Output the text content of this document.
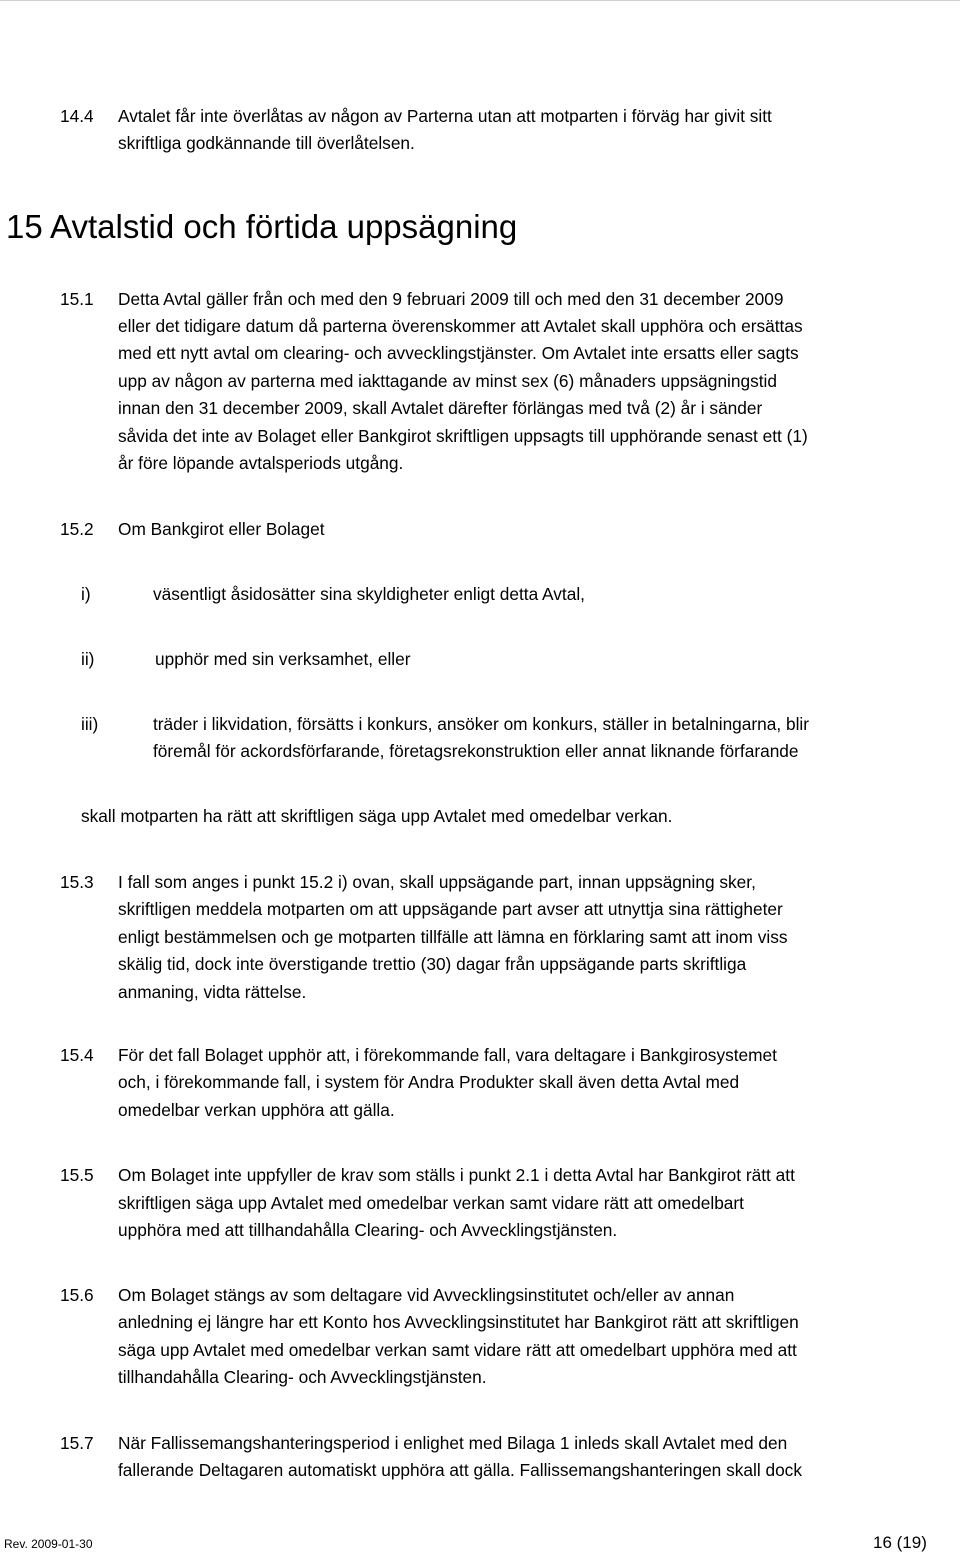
14.4 Avtalet får inte överlåtas av någon av Parterna utan att motparten i förväg har givit sitt
skriftliga godkännande till överlåtelsen.
15 Avtalstid och förtida uppsägning
15.1 Detta Avtal gäller från och med den 9 februari 2009 till och med den 31 december 2009
eller det tidigare datum då parterna överenskommer att Avtalet skall upphöra och ersättas
med ett nytt avtal om clearing- och avvecklingstjänster. Om Avtalet inte ersatts eller sagts
upp av någon av parterna med iakttagande av minst sex (6) månaders uppsägningstid
innan den 31 december 2009, skall Avtalet därefter förlängas med två (2) år i sänder
såvida det inte av Bolaget eller Bankgirot skriftligen uppsagts till upphörande senast ett (1)
år före löpande avtalsperiods utgång.
15.2 Om Bankgirot eller Bolaget
i)	väsentligt åsidosätter sina skyldigheter enligt detta Avtal,
ii)	upphör med sin verksamhet, eller
iii)	träder i likvidation, försätts i konkurs, ansöker om konkurs, ställer in betalningarna, blir
föremål för ackordsförfarande, företagsrekonstruktion eller annat liknande förfarande
skall motparten ha rätt att skriftligen säga upp Avtalet med omedelbar verkan.
15.3 I fall som anges i punkt 15.2 i) ovan, skall uppsägande part, innan uppsägning sker,
skriftligen meddela motparten om att uppsägande part avser att utnyttja sina rättigheter
enligt bestämmelsen och ge motparten tillfälle att lämna en förklaring samt att inom viss
skälig tid, dock inte överstigande trettio (30) dagar från uppsägande parts skriftliga
anmaning, vidta rättelse.
15.4 För det fall Bolaget upphör att, i förekommande fall, vara deltagare i Bankgirosystemet
och, i förekommande fall, i system för Andra Produkter skall även detta Avtal med
omedelbar verkan upphöra att gälla.
15.5 Om Bolaget inte uppfyller de krav som ställs i punkt 2.1 i detta Avtal har Bankgirot rätt att
skriftligen säga upp Avtalet med omedelbar verkan samt vidare rätt att omedelbart
upphöra med att tillhandahålla Clearing- och Avvecklingstjänsten.
15.6 Om Bolaget stängs av som deltagare vid Avvecklingsinstitutet och/eller av annan
anledning ej längre har ett Konto hos Avvecklingsinstitutet har Bankgirot rätt att skriftligen
säga upp Avtalet med omedelbar verkan samt vidare rätt att omedelbart upphöra med att
tillhandahålla Clearing- och Avvecklingstjänsten.
15.7 När Fallissemangshanteringsperiod i enlighet med Bilaga 1 inleds skall Avtalet med den
fallerande Deltagaren automatiskt upphöra att gälla. Fallissemangshanteringen skall dock
Rev. 2009-01-30	16 (19)
